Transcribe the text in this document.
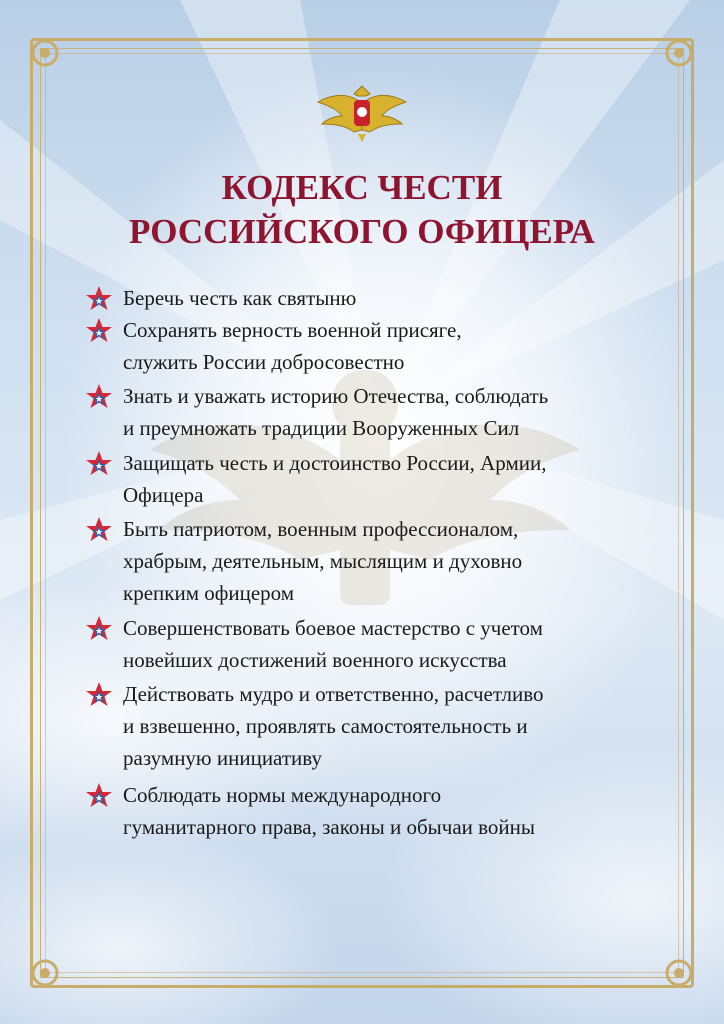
КОДЕКС ЧЕСТИ
РОССИЙСКОГО ОФИЦЕРА
Беречь честь как святыню
Сохранять верность военной присяге,
служить России добросовестно
Знать и уважать историю Отечества, соблюдать
и преумножать традиции Вооруженных Сил
Защищать честь и достоинство России, Армии,
Офицера
Быть патриотом, военным профессионалом,
храбрым, деятельным, мыслящим и духовно
крепким офицером
Совершенствовать боевое мастерство с учетом
новейших достижений военного искусства
Действовать мудро и ответственно, расчетливо
и взвешенно, проявлять самостоятельность и
разумную инициативу
Соблюдать нормы международного
гуманитарного права, законы и обычаи войны
